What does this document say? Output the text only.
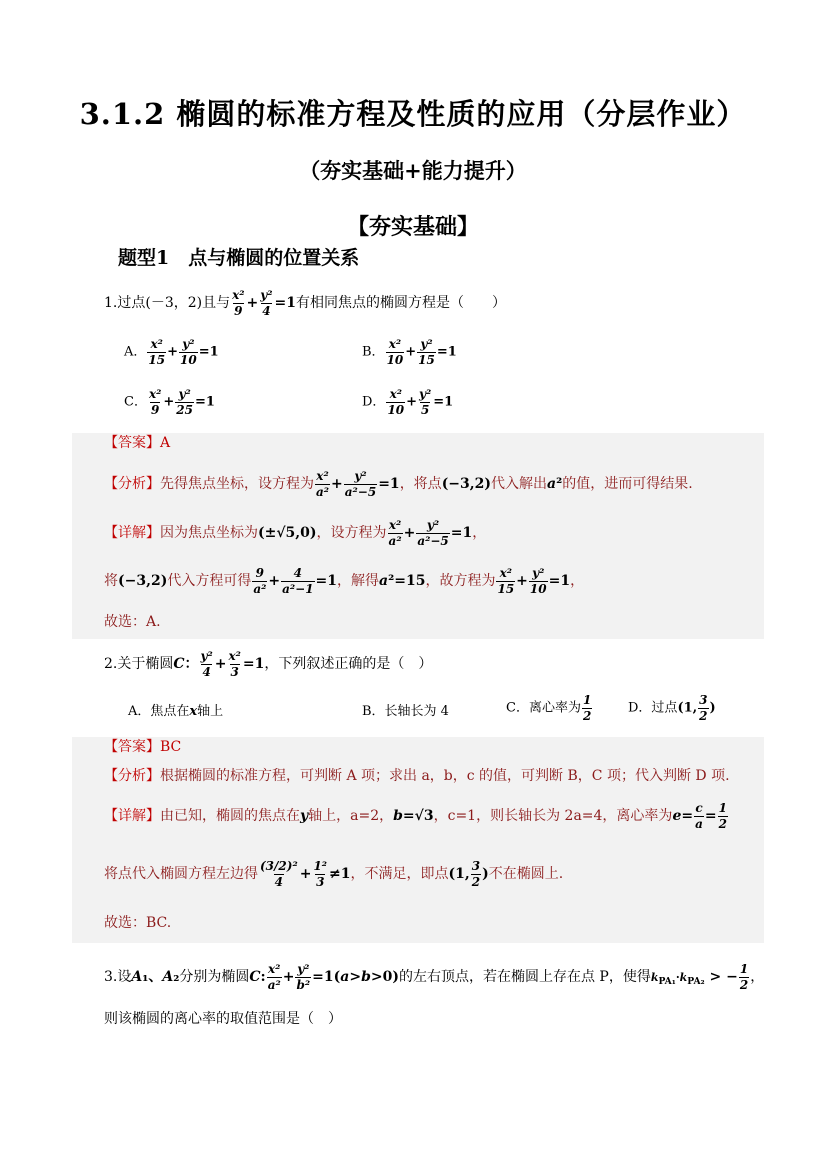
3.1.2 椭圆的标准方程及性质的应用（分层作业）
（夯实基础+能力提升）
【夯实基础】
题型1　点与椭圆的位置关系
1.过点(－3，2)且与 $\frac{\text{x²}}{9} + \frac{\text{y²}}{4} =1$有相同焦点的椭圆方程是（　　）
A． $\frac{\text{x²}}{15} + \frac{\text{y²}}{10} =1$	B． $\frac{\text{x²}}{10} + \frac{\text{y²}}{15} =1$
C． $\frac{\text{x²}}{9} + \frac{\text{y²}}{25} =1$	D． $\frac{\text{x²}}{10} + \frac{\text{y²}}{5} =1$
【答案】A
【分析】先得焦点坐标，设方程为 $\frac{\text{x²}}{\text{a²}} + \frac{\text{y²}}{\text{a²−5}} =1$，将点(−3,2)代入解出a²的值，进而可得结果.
【详解】因为焦点坐标为(±√5,0)，设方程为 $\frac{\text{x²}}{\text{a²}} + \frac{\text{y²}}{\text{a²−5}} =1$，
将(−3,2)代入方程可得 $\frac{9}{\text{a²}} + \frac{4}{\text{a²−1}} =1$，解得a²=15，故方程为 $\frac{\text{x²}}{15} + \frac{\text{y²}}{10} =1$，
故选：A.
2.关于椭圆C： $\frac{\text{y²}}{4} + \frac{\text{x²}}{3} =1$，下列叙述正确的是（　）
A．焦点在x轴上	B．长轴长为 4	C．离心率为 $\frac{1}{2}$	D．过点(1, $\frac{3}{2}$ )
【答案】BC
【分析】根据椭圆的标准方程，可判断 A 项；求出 a，b，c 的值，可判断 B，C 项；代入判断 D 项.
【详解】由已知，椭圆的焦点在y轴上，a=2，b=√3，c=1，则长轴长为 2a=4，离心率为$e= \frac{c}{a} = \frac{1}{2}$
将点代入椭圆方程左边得 $\frac{\text{(3/2)²}}{4} + \frac{\text{1²}}{3} \ne 1$，不满足，即点(1, $\frac{3}{2}$ )不在椭圆上.
故选：BC.
3.设A₁、A₂分别为椭圆C: $\frac{\text{x²}}{\text{a²}} + \frac{\text{y²}}{\text{b²}} =1(a>b>0)$的左右顶点，若在椭圆上存在点 P，使得$k_{PA_1}\cdot k_{PA_2}$ > − $\frac{1}{2}$ ，
则该椭圆的离心率的取值范围是（　）
